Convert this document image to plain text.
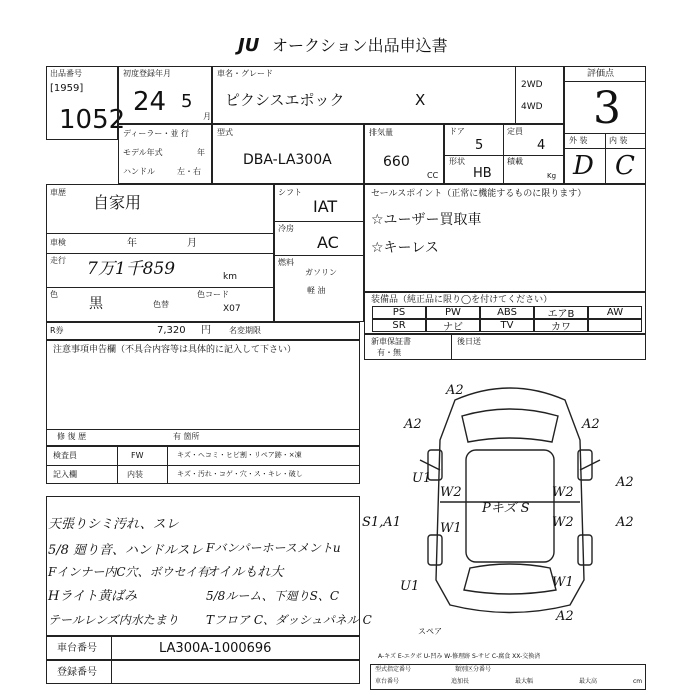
JU オークション出品申込書
出品番号
[1959]
1052
初度登録年月
24 5
月
車名・グレード
ピクシスエポック	X
2WD
4WD
評価点
3
外 装	内 装
D C
ディーラー・並 行
モデル年式	年
ハンドル	左・右
型式
DBA-LA300A
排気量
660
CC
ドア
5
定員
4
形状
HB
積載
Kg
車歴
自家用
車検	年	月
走行 7万1千859	km
色
黒	色替
色コード
X07
R券	7,320 円 名変期限
シフト
IAT
冷房
AC
燃料
ガソリン
軽 油
セールスポイント（正常に機能するものに限ります）
☆ユーザー買取車
☆キーレス
装備品（純正品に限り◯を付けてください）
PS	PW	ABS	エアB	AW
SR	ナビ	TV	カワ
新車保証書
有・無
後日送
注意事項申告欄（不具合内容等は具体的に記入して下さい）
修 復 歴	有 箇所
検査員	FW	キズ・ヘコミ・ヒビ割・リペア跡・×凍
記入欄	内装	キズ・汚れ・コゲ・穴・ス・キレ・破し
天張りシミ汚れ、スレ
5/8 廻り音、ハンドルスレ
Fインナー内C穴、ボウセイ有
Hライト黄ばみ
テールレンズ内水たまり
Fバンパーホースメントu
オイルもれ大
5/8ルーム、下廻りS、C
Tフロア C、ダッシュパネル C
A2
A2	A2
A2
A2
A2
W2	W2
W2
W1
W1
U1
U1
S1,A1
Pキズ S
スペア
A-キズ E-エクボ U-凹み W-修理跡 S-サビ C-腐食 XX-交換済
車台番号	LA300A-1000696
登録番号	型式指定番号	類別区分番号
車台番号	追加長	最大幅	最大高	cm
